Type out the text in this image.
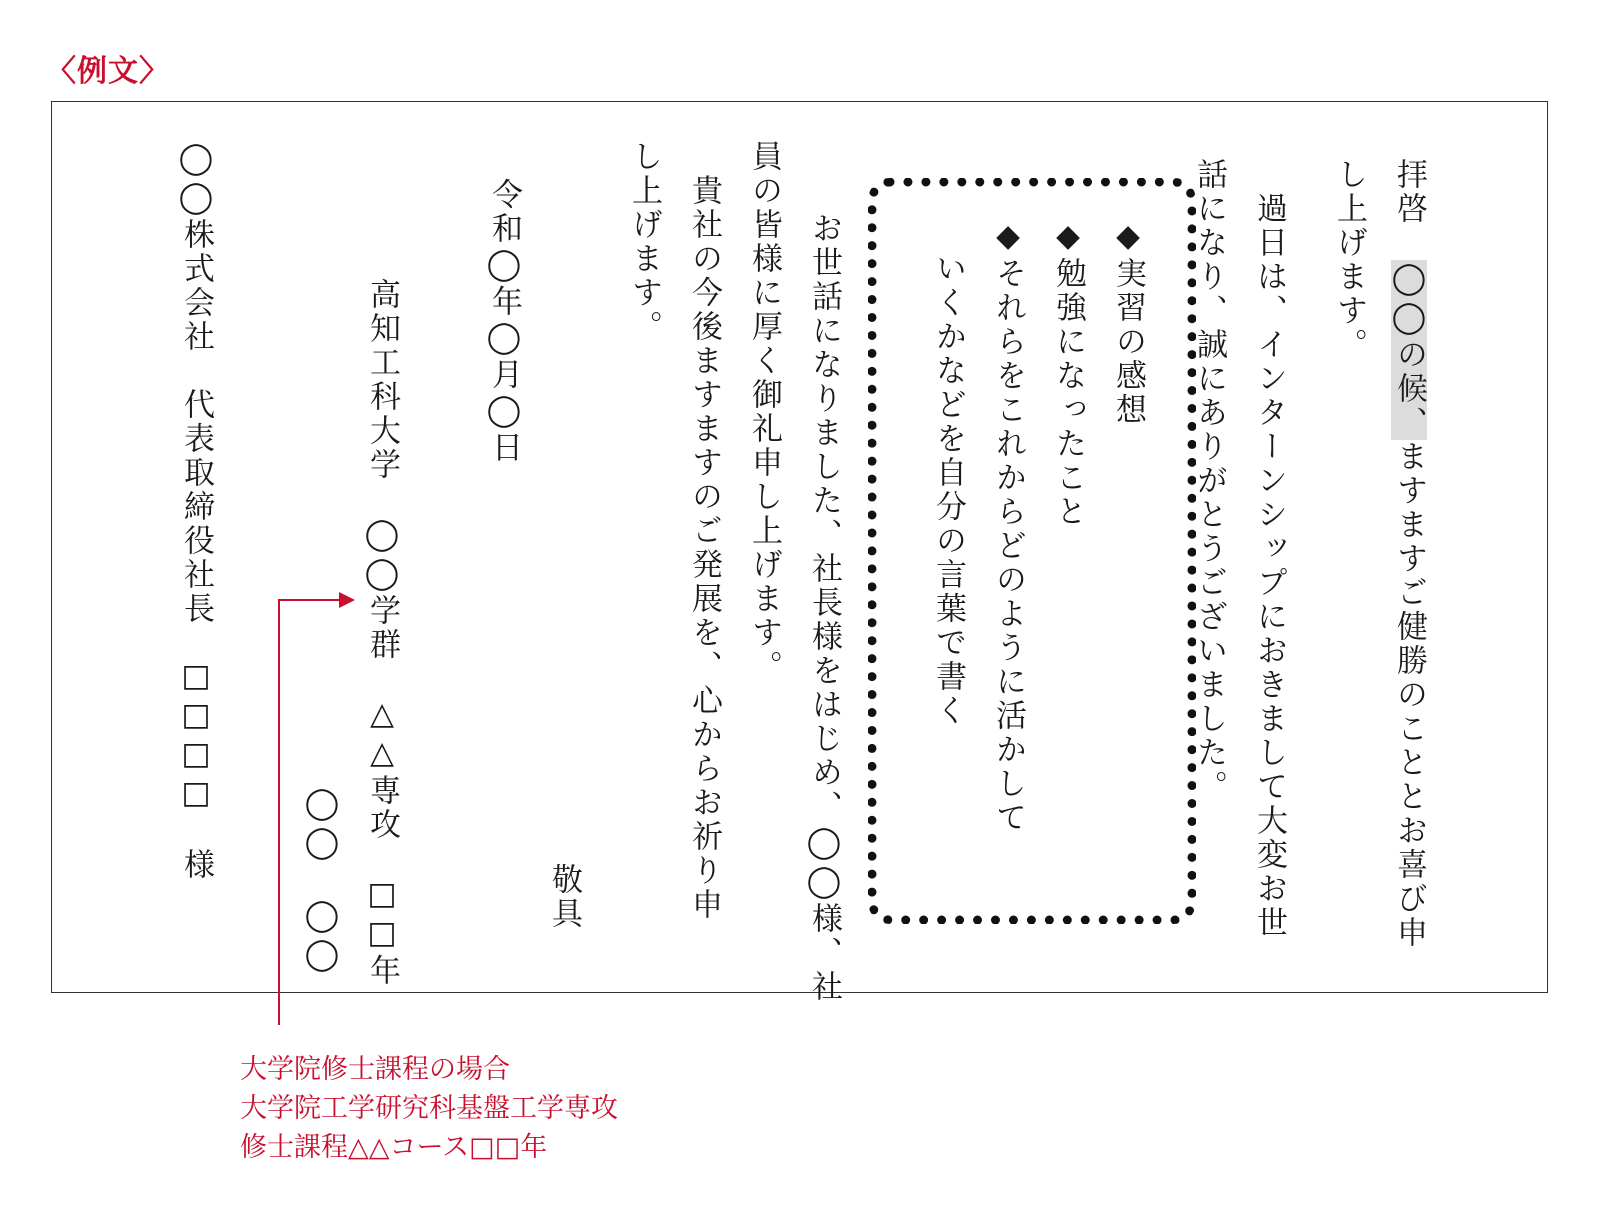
〈例文〉
拝啓　◯◯の候、ますますご健勝のこととお喜び申
し上げます。
　過日は、インターンシップにおきまして大変お世
話になり、誠にありがとうございました。
◆実習の感想
◆勉強になったこと
◆それらをこれからどのように活かして
　いくかなどを自分の言葉で書く
　お世話になりました、社長様をはじめ、◯◯様、社
員の皆様に厚く御礼申し上げます。
　貴社の今後ますますのご発展を、心からお祈り申
し上げます。
敬具
令和◯年◯月◯日
高知工科大学　◯◯学群　△△専攻　□□年
◯◯　◯◯
◯◯株式会社　代表取締役社長
□□□□　様
大学院修士課程の場合
大学院工学研究科基盤工学専攻
修士課程△△コース□□年
